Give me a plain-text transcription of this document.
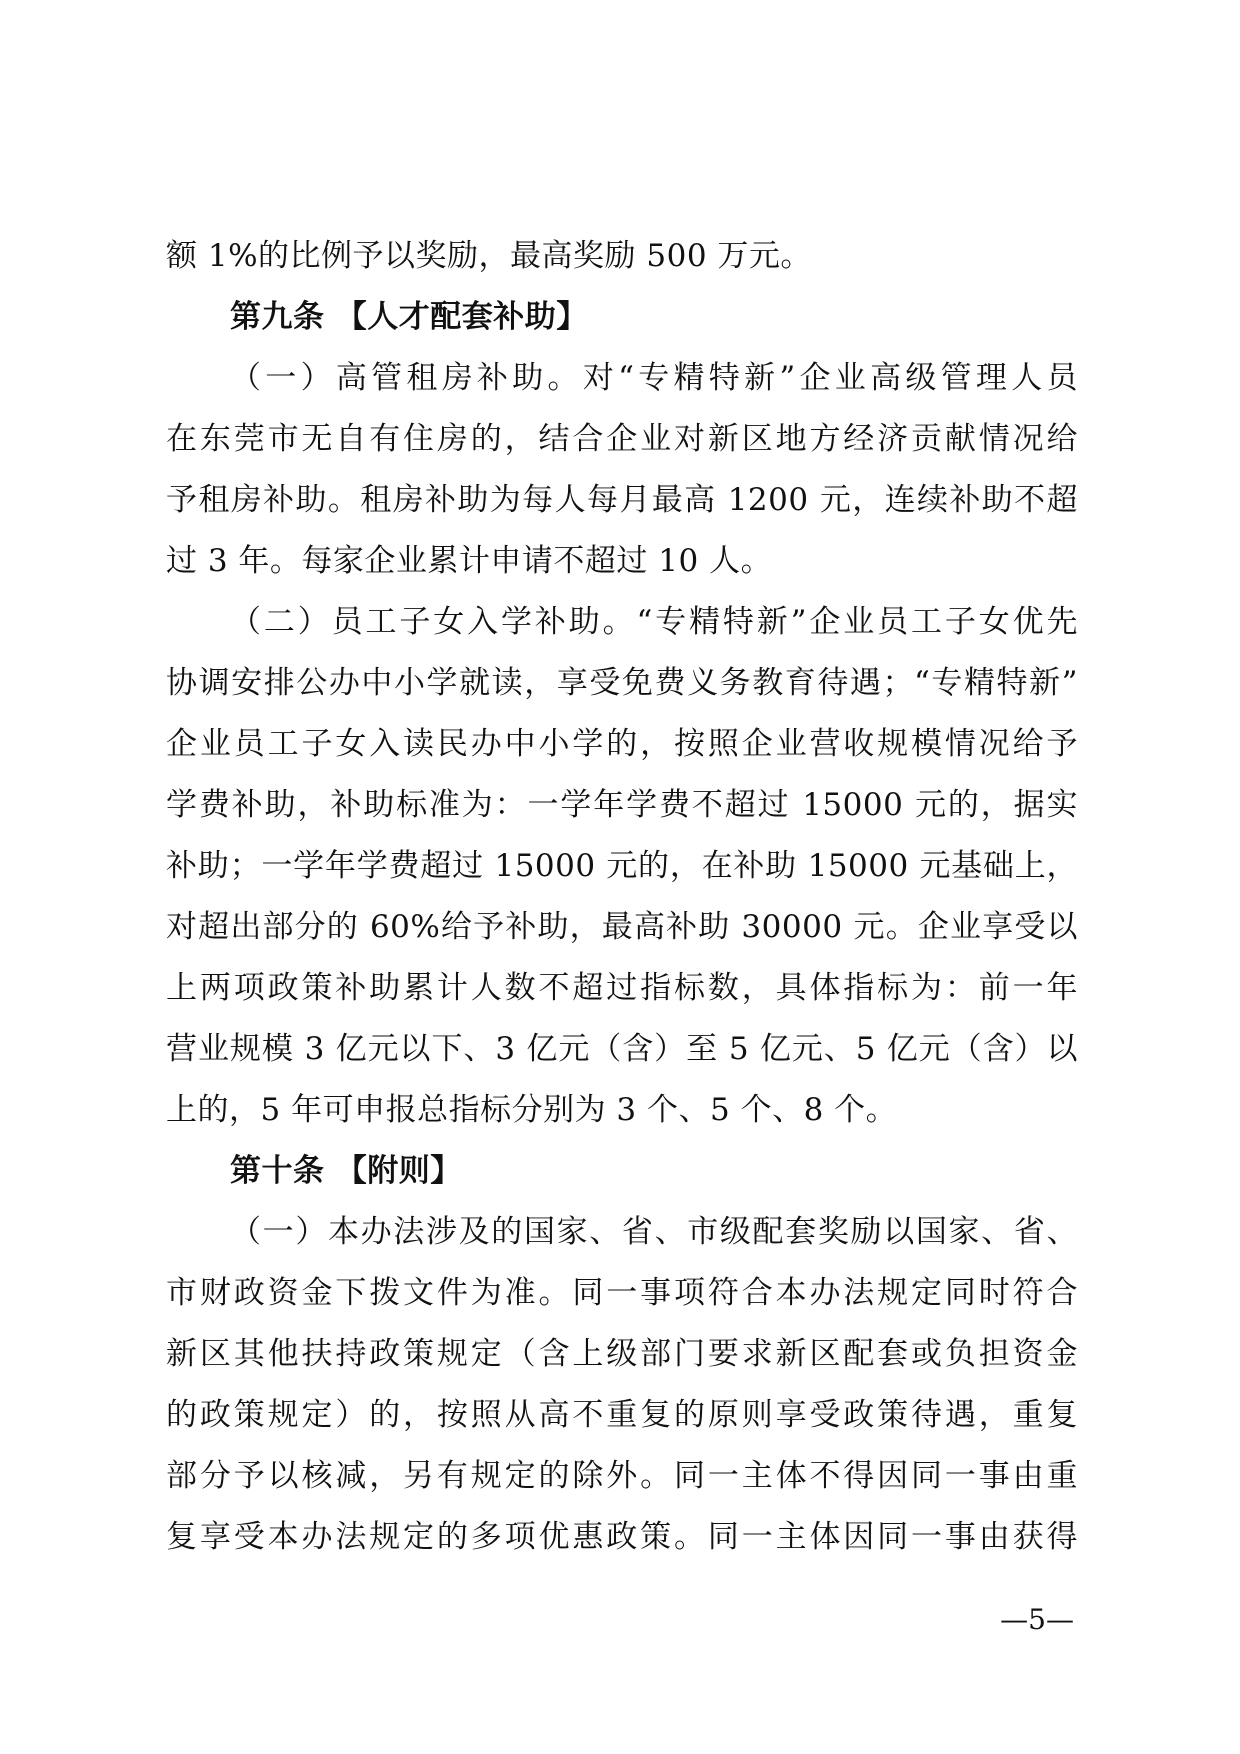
额 1%的比例予以奖励，最高奖励 500 万元。
第九条 【人才配套补助】
（一）高管租房补助。对“专精特新”企业高级管理人员
在东莞市无自有住房的，结合企业对新区地方经济贡献情况给
予租房补助。租房补助为每人每月最高 1200 元，连续补助不超
过 3 年。每家企业累计申请不超过 10 人。
（二）员工子女入学补助。“专精特新”企业员工子女优先
协调安排公办中小学就读，享受免费义务教育待遇；“专精特新”
企业员工子女入读民办中小学的，按照企业营收规模情况给予
学费补助，补助标准为：一学年学费不超过 15000 元的，据实
补助；一学年学费超过 15000 元的，在补助 15000 元基础上，
对超出部分的 60%给予补助，最高补助 30000 元。企业享受以
上两项政策补助累计人数不超过指标数，具体指标为：前一年
营业规模 3 亿元以下、3 亿元（含）至 5 亿元、5 亿元（含）以
上的，5 年可申报总指标分别为 3 个、5 个、8 个。
第十条 【附则】
（一）本办法涉及的国家、省、市级配套奖励以国家、省、
市财政资金下拨文件为准。同一事项符合本办法规定同时符合
新区其他扶持政策规定（含上级部门要求新区配套或负担资金
的政策规定）的，按照从高不重复的原则享受政策待遇，重复
部分予以核减，另有规定的除外。同一主体不得因同一事由重
复享受本办法规定的多项优惠政策。同一主体因同一事由获得
—5—
